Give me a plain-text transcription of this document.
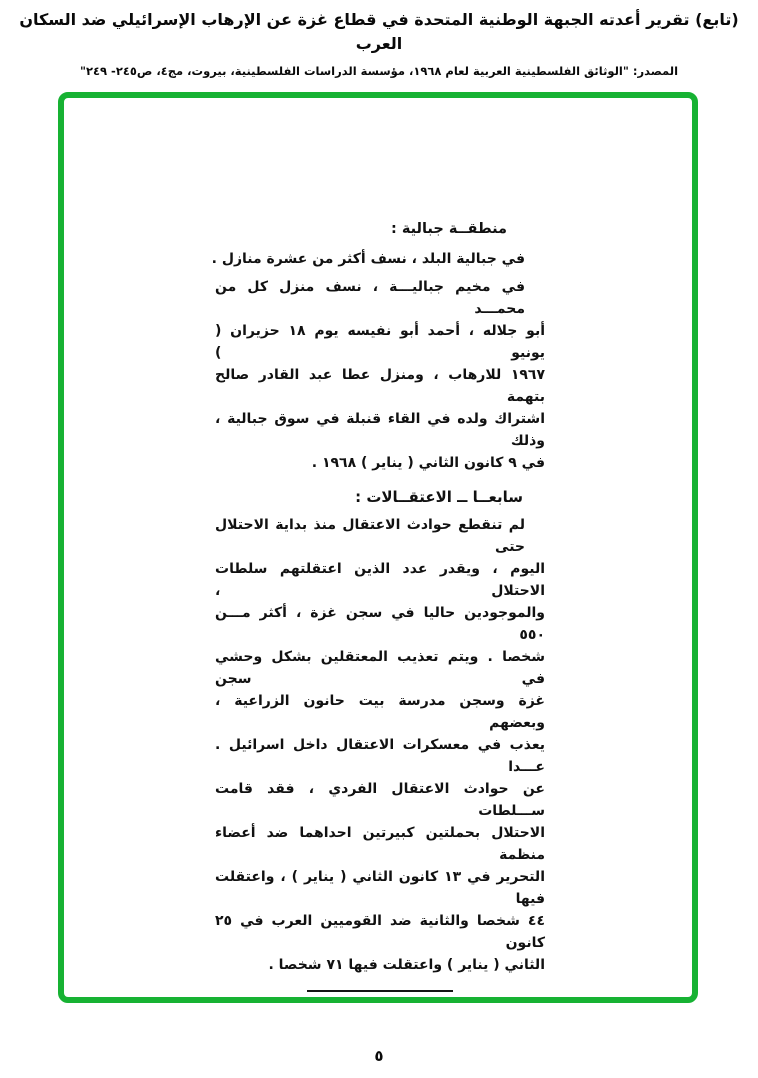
(تابع) تقرير أعدته الجبهة الوطنية المتحدة في قطاع غزة عن الإرهاب الإسرائيلي ضد السكان العرب
المصدر: "الوثائق الفلسطينية العربية لعام ١٩٦٨، مؤسسة الدراسات الفلسطينية، بيروت، مج٤، ص٢٤٥- ٢٤٩"
منطقــة جبالية :
في جبالية البلد ، نسف أكثر من عشرة منازل .
في مخيم جباليـــة ، نسف منزل كل من محمـــد
أبو جلاله ، أحمد أبو نفيسه يوم ١٨ حزيران ( يونيو )
١٩٦٧ للارهاب ، ومنزل عطا عبد القادر صالح بتهمة
اشتراك ولده في القاء قنبلة في سوق جبالية ، وذلك
في ٩ كانون الثاني ( يناير ) ١٩٦٨ .
سابعــا ــ الاعتقــالات :
لم تنقطع حوادث الاعتقال منذ بداية الاحتلال حتى
اليوم ، ويقدر عدد الذين اعتقلتهم سلطات الاحتلال ،
والموجودين حاليا في سجن غزة ، أكثر مـــن ٥٥٠
شخصا . ويتم تعذيب المعتقلين بشكل وحشي في سجن
غزة وسجن مدرسة بيت حانون الزراعية ، وبعضهم
يعذب في معسكرات الاعتقال داخل اسرائيل . عـــدا
عن حوادث الاعتقال الفردي ، فقد قامت ســـلطات
الاحتلال بحملتين كبيرتين احداهما ضد أعضاء منظمة
التحرير في ١٣ كانون الثاني ( يناير ) ، واعتقلت فيها
٤٤ شخصا والثانية ضد القوميين العرب في ٢٥ كانون
الثاني ( يناير ) واعتقلت فيها ٧١ شخصا .
٥
